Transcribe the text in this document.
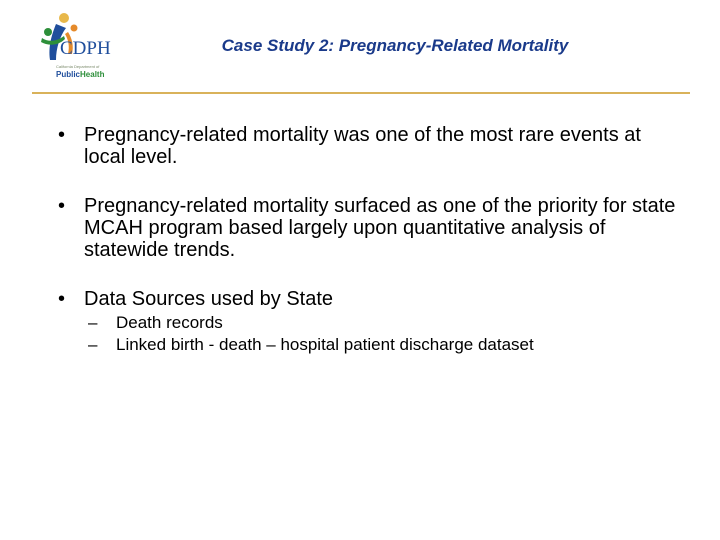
CDPH
California Department of
PublicHealth
Case Study 2: Pregnancy-Related Mortality
• Pregnancy-related mortality was one of the most rare events at local level.
• Pregnancy-related mortality surfaced as one of the priority for state MCAH program based largely upon quantitative analysis of statewide trends.
• Data Sources used by State
– Death records
– Linked birth - death – hospital patient discharge dataset
